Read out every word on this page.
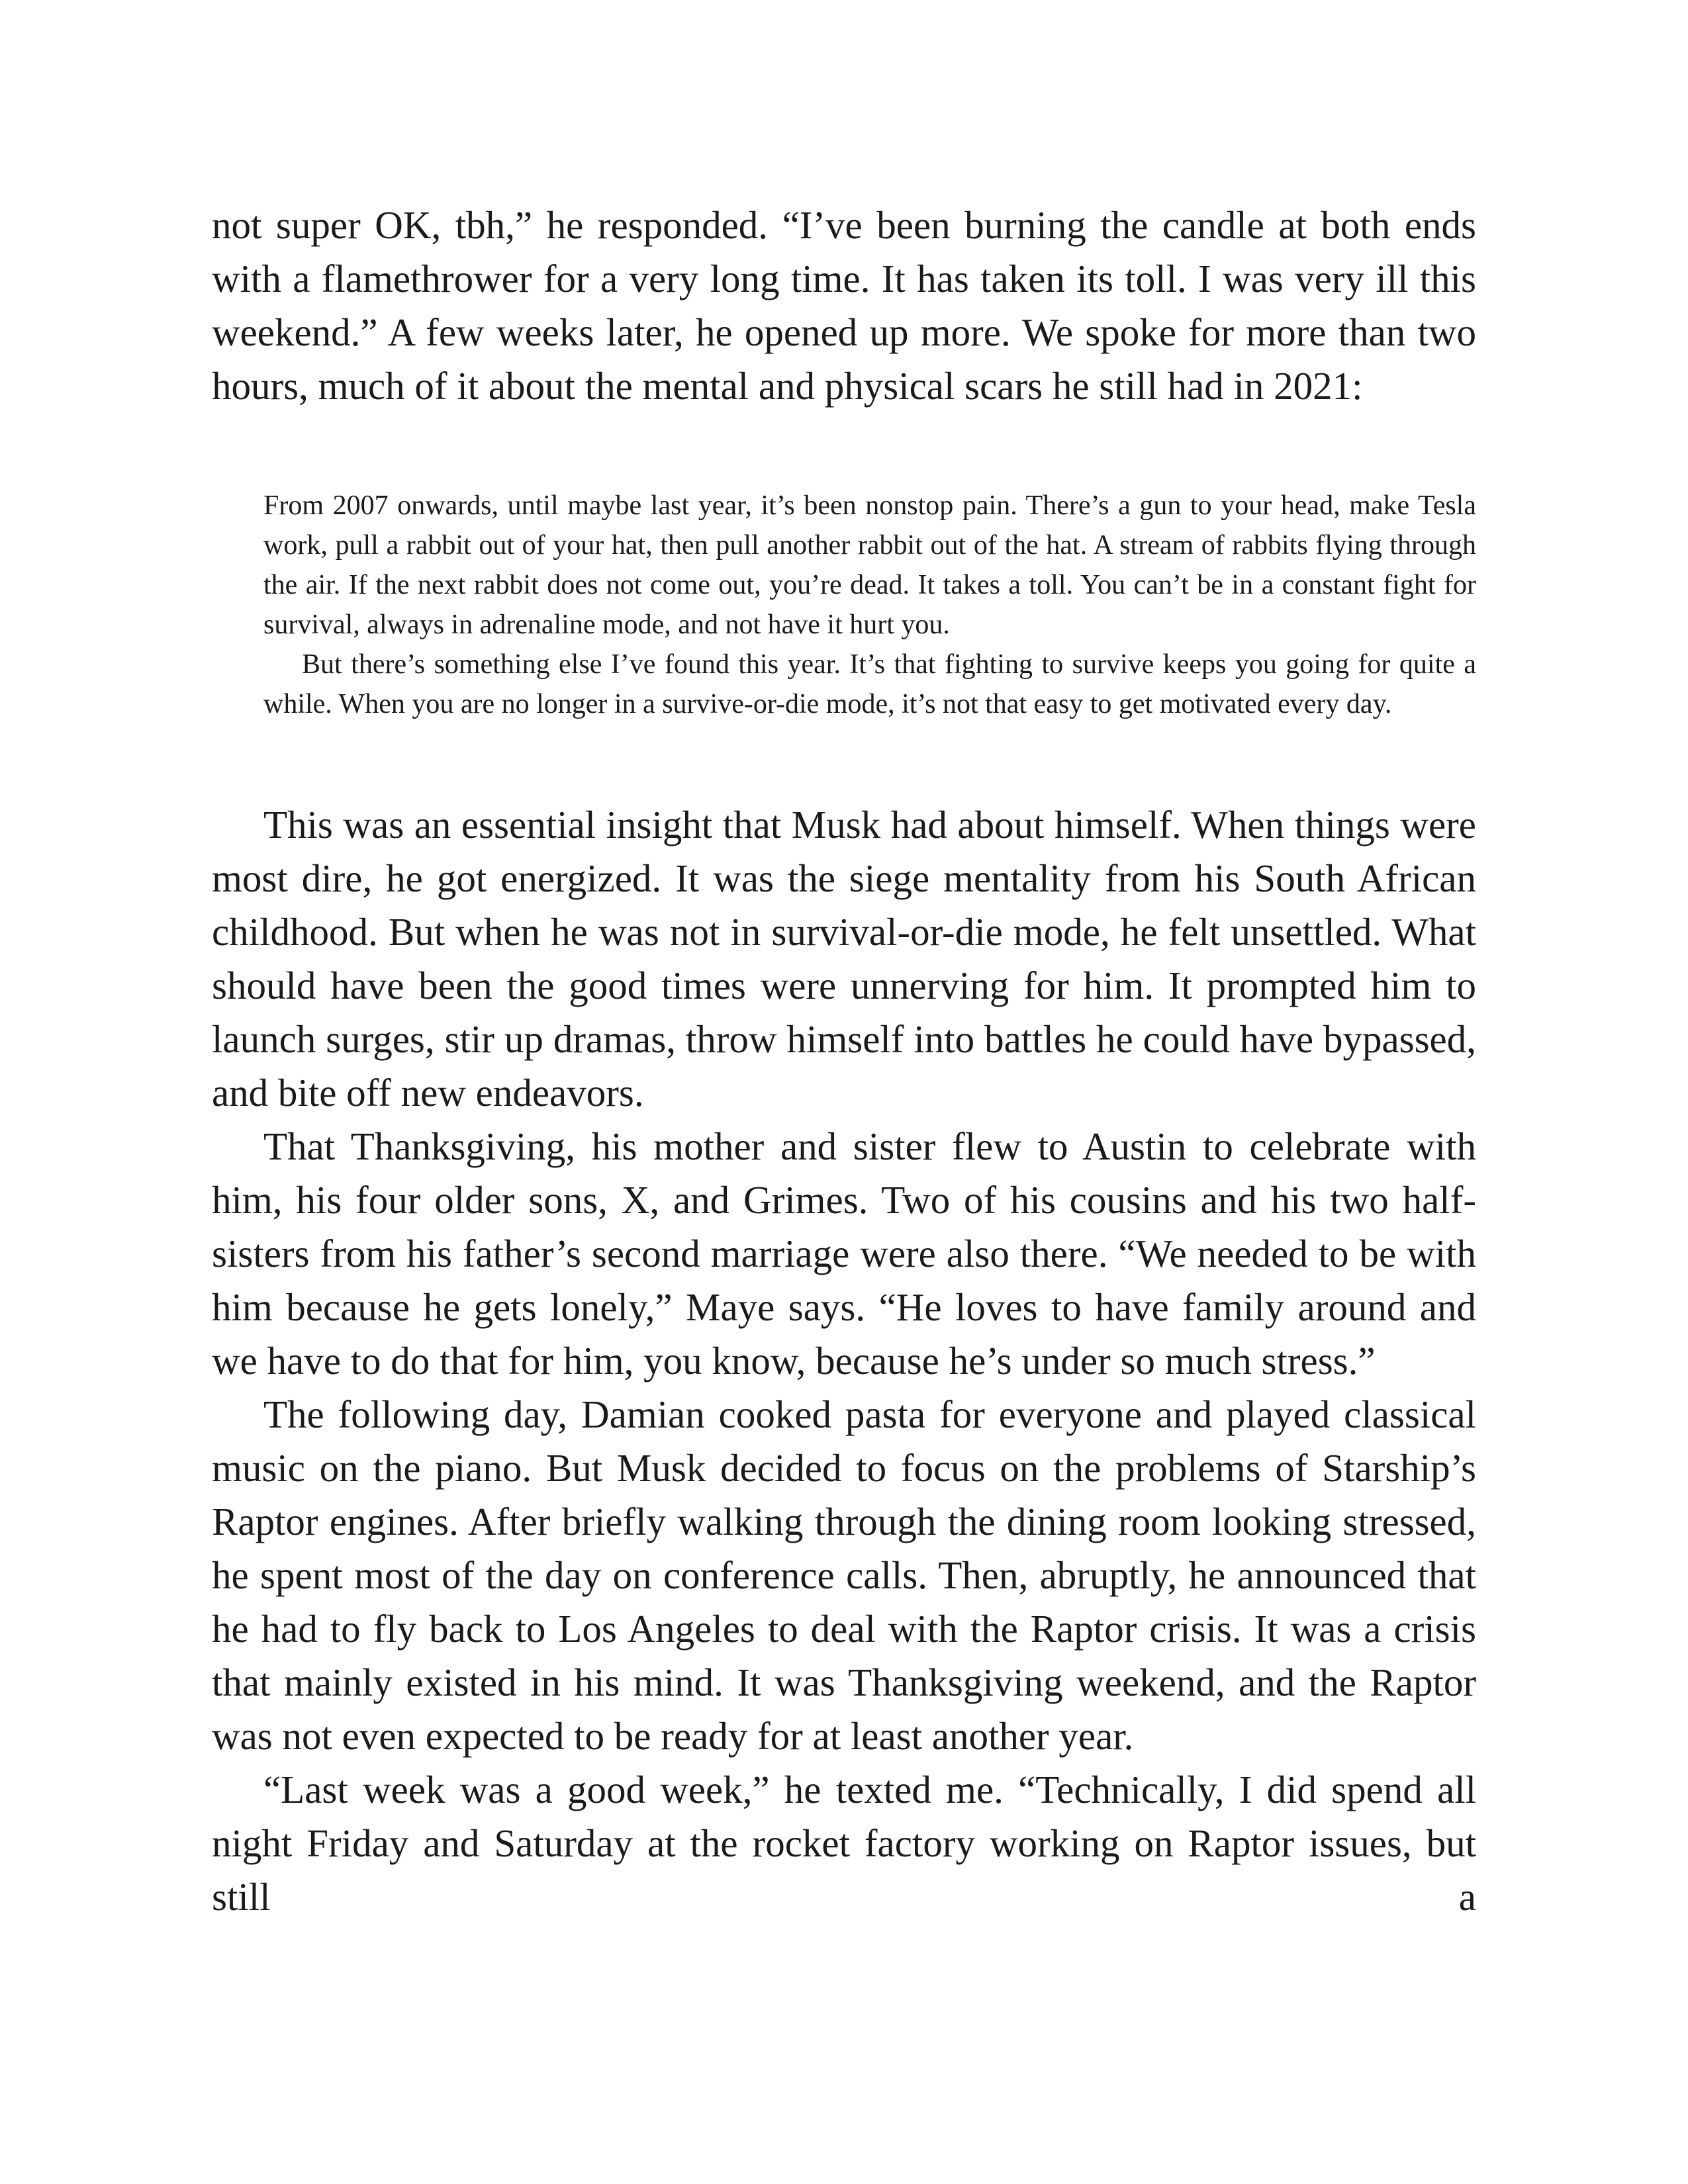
not super OK, tbh,” he responded. “I’ve been burning the candle at both ends with a flamethrower for a very long time. It has taken its toll. I was very ill this weekend.” A few weeks later, he opened up more. We spoke for more than two hours, much of it about the mental and physical scars he still had in 2021:

From 2007 onwards, until maybe last year, it’s been nonstop pain. There’s a gun to your head, make Tesla work, pull a rabbit out of your hat, then pull another rabbit out of the hat. A stream of rabbits flying through the air. If the next rabbit does not come out, you’re dead. It takes a toll. You can’t be in a constant fight for survival, always in adrenaline mode, and not have it hurt you.

But there’s something else I’ve found this year. It’s that fighting to survive keeps you going for quite a while. When you are no longer in a survive-or-die mode, it’s not that easy to get motivated every day.

This was an essential insight that Musk had about himself. When things were most dire, he got energized. It was the siege mentality from his South African childhood. But when he was not in survival-or-die mode, he felt unsettled. What should have been the good times were unnerving for him. It prompted him to launch surges, stir up dramas, throw himself into battles he could have bypassed, and bite off new endeavors.
That Thanksgiving, his mother and sister flew to Austin to celebrate with him, his four older sons, X, and Grimes. Two of his cousins and his two half-sisters from his father’s second marriage were also there. “We needed to be with him because he gets lonely,” Maye says. “He loves to have family around and we have to do that for him, you know, because he’s under so much stress.”
The following day, Damian cooked pasta for everyone and played classical music on the piano. But Musk decided to focus on the problems of Starship’s Raptor engines. After briefly walking through the dining room looking stressed, he spent most of the day on conference calls. Then, abruptly, he announced that he had to fly back to Los Angeles to deal with the Raptor crisis. It was a crisis that mainly existed in his mind. It was Thanksgiving weekend, and the Raptor was not even expected to be ready for at least another year.
“Last week was a good week,” he texted me. “Technically, I did spend all night Friday and Saturday at the rocket factory working on Raptor issues, but still a
